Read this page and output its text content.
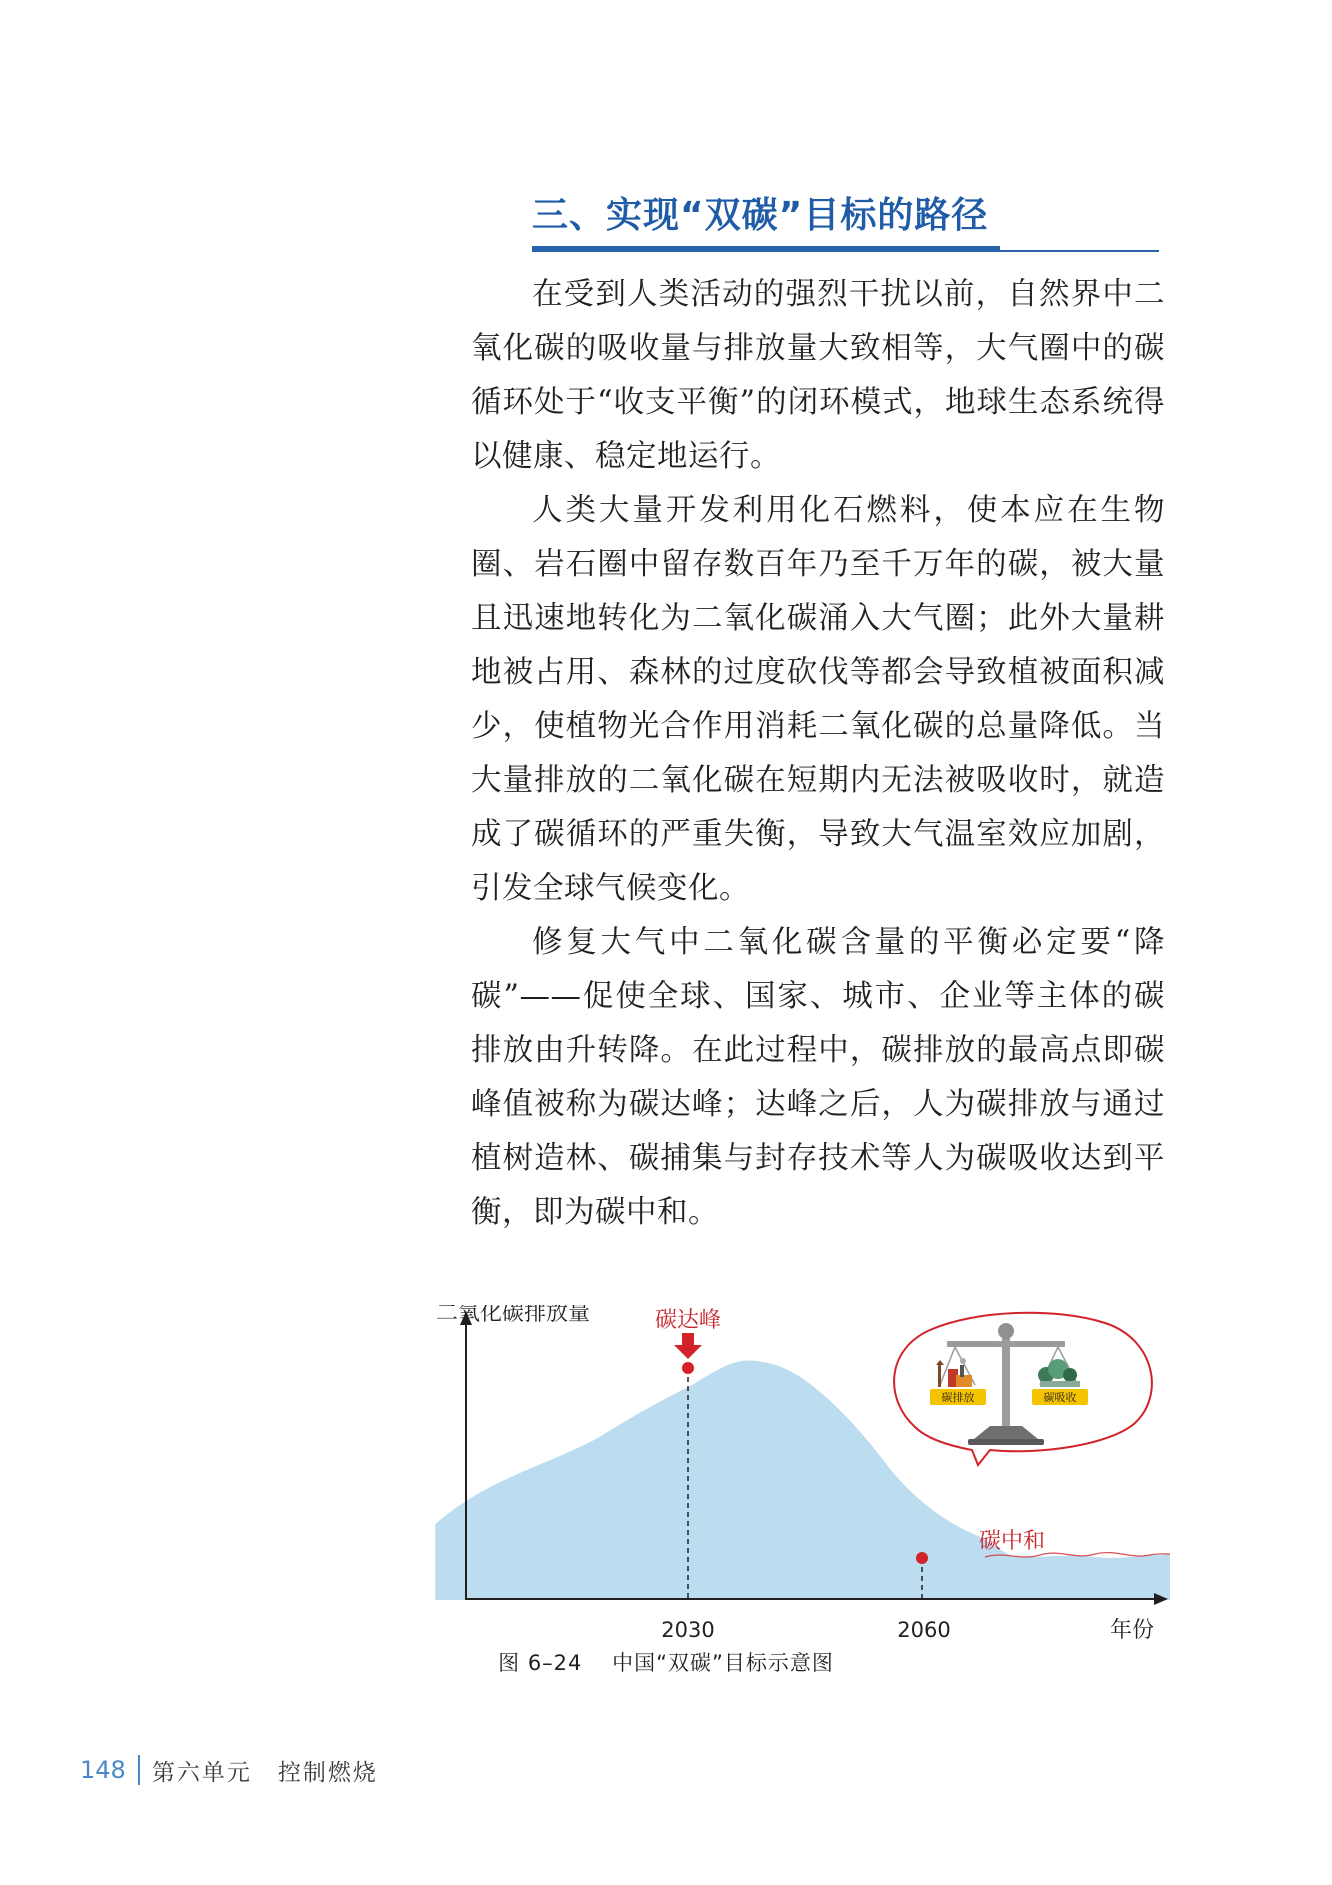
三、实现“双碳”目标的路径

在受到人类活动的强烈干扰以前，自然界中二氧化碳的吸收量与排放量大致相等，大气圈中的碳循环处于“收支平衡”的闭环模式，地球生态系统得以健康、稳定地运行。

人类大量开发利用化石燃料，使本应在生物圈、岩石圈中留存数百年乃至千万年的碳，被大量且迅速地转化为二氧化碳涌入大气圈；此外大量耕地被占用、森林的过度砍伐等都会导致植被面积减少，使植物光合作用消耗二氧化碳的总量降低。当大量排放的二氧化碳在短期内无法被吸收时，就造成了碳循环的严重失衡，导致大气温室效应加剧，引发全球气候变化。

修复大气中二氧化碳含量的平衡必定要“降碳”——促使全球、国家、城市、企业等主体的碳排放由升转降。在此过程中，碳排放的最高点即碳峰值被称为碳达峰；达峰之后，人为碳排放与通过植树造林、碳捕集与封存技术等人为碳吸收达到平衡，即为碳中和。

二氧化碳排放量
年份
2030	2060
碳达峰
碳中和
碳排放	碳吸收
图 6–24 中国“双碳”目标示意图
148 第六单元 控制燃烧
